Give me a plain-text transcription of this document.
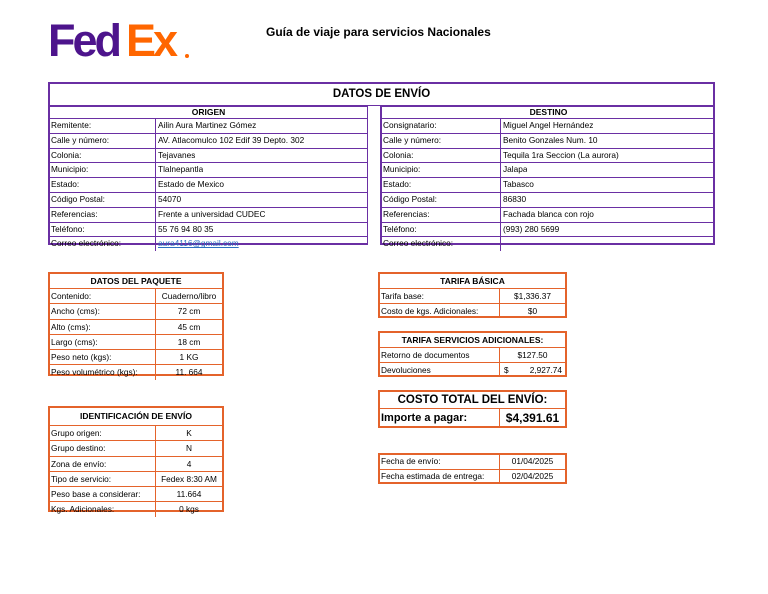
Fed Ex	Guía de viaje para servicios Nacionales
DATOS DE ENVÍO
ORIGEN
Remitente:	Ailin Aura Martinez Gómez
Calle y número:	AV. Atlacomulco 102 Edif 39 Depto. 302
Colonia:	Tejavanes
Municipio:	Tlalnepantla
Estado:	Estado de Mexico
Código Postal:	54070
Referencias:	Frente a universidad CUDEC
Teléfono:	55 76 94 80 35
Correo electrónico:	aura4116@gmail.com
DESTINO
Consignatario:	Miguel Angel Hernández
Calle y número:	Benito Gonzales Num. 10
Colonia:	Tequila 1ra Seccion (La aurora)
Municipio:	Jalapa
Estado:	Tabasco
Código Postal:	86830
Referencias:	Fachada blanca con rojo
Teléfono:	(993) 280 5699
Correo electrónico:
DATOS DEL PAQUETE
Contenido:	Cuaderno/libro
Ancho (cms):	72 cm
Alto (cms):	45 cm
Largo (cms):	18 cm
Peso neto (kgs):	1 KG
Peso volumétrico (kgs):	11. 664
IDENTIFICACIÓN DE ENVÍO
Grupo origen:	K
Grupo destino:	N
Zona de envío:	4
Tipo de servicio:	Fedex 8:30 AM
Peso base a considerar:	11.664
Kgs. Adicionales:	0 kgs
TARIFA BÁSICA
Tarifa base:	$1,336.37
Costo de kgs. Adicionales:	$0
TARIFA SERVICIOS ADICIONALES:
Retorno de documentos	$127.50
Devoluciones	$	2,927.74
COSTO TOTAL DEL ENVÍO:
Importe a pagar:	$4,391.61
Fecha de envío:	01/04/2025
Fecha estimada de entrega:	02/04/2025
